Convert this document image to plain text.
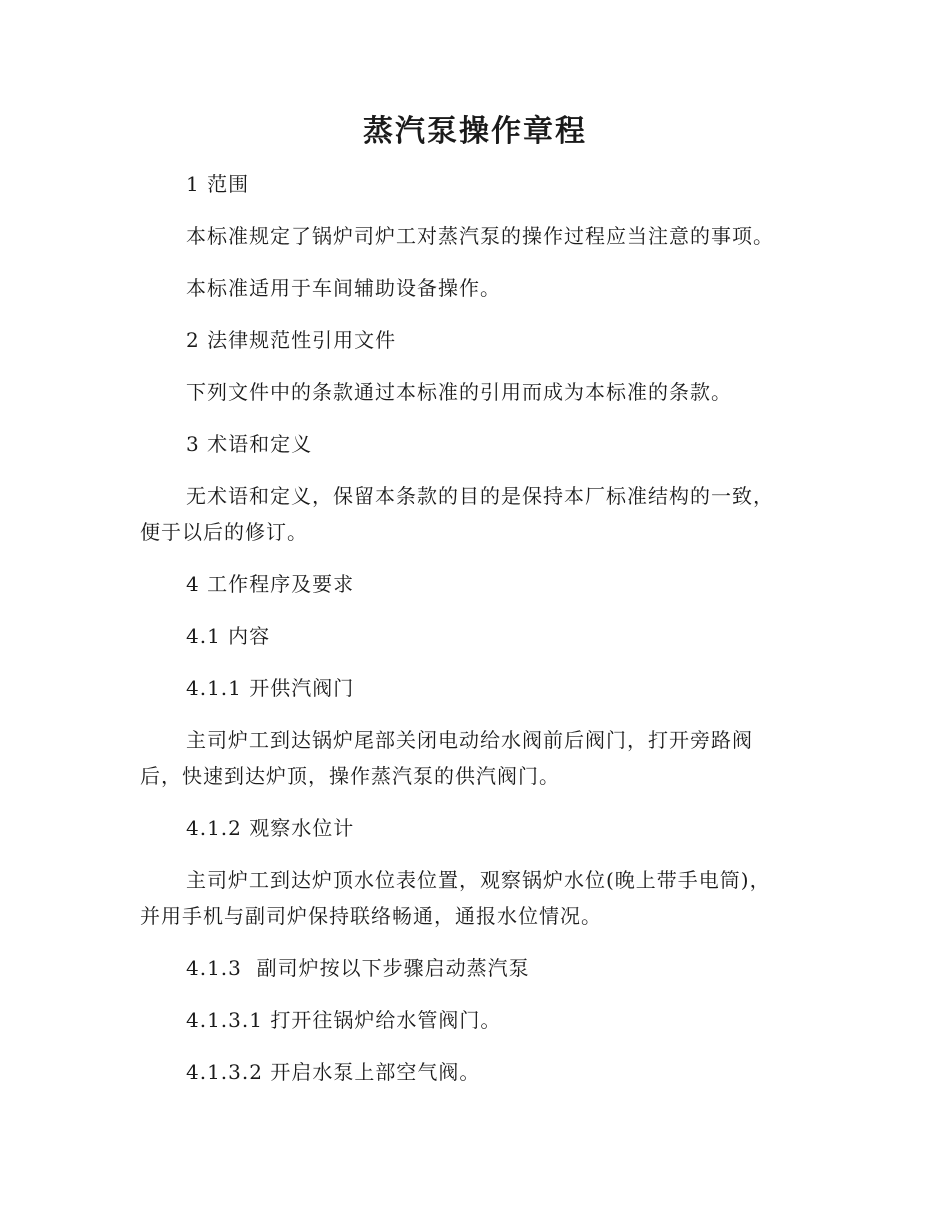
蒸汽泵操作章程

1 范围

本标准规定了锅炉司炉工对蒸汽泵的操作过程应当注意的事项。

本标准适用于车间辅助设备操作。

2 法律规范性引用文件

下列文件中的条款通过本标准的引用而成为本标准的条款。

3 术语和定义

无术语和定义，保留本条款的目的是保持本厂标准结构的一致，便于以后的修订。

4 工作程序及要求

4.1 内容

4.1.1 开供汽阀门

主司炉工到达锅炉尾部关闭电动给水阀前后阀门，打开旁路阀后，快速到达炉顶，操作蒸汽泵的供汽阀门。

4.1.2 观察水位计

主司炉工到达炉顶水位表位置，观察锅炉水位(晚上带手电筒)，并用手机与副司炉保持联络畅通，通报水位情况。

4.1.3  副司炉按以下步骤启动蒸汽泵

4.1.3.1 打开往锅炉给水管阀门。

4.1.3.2 开启水泵上部空气阀。
